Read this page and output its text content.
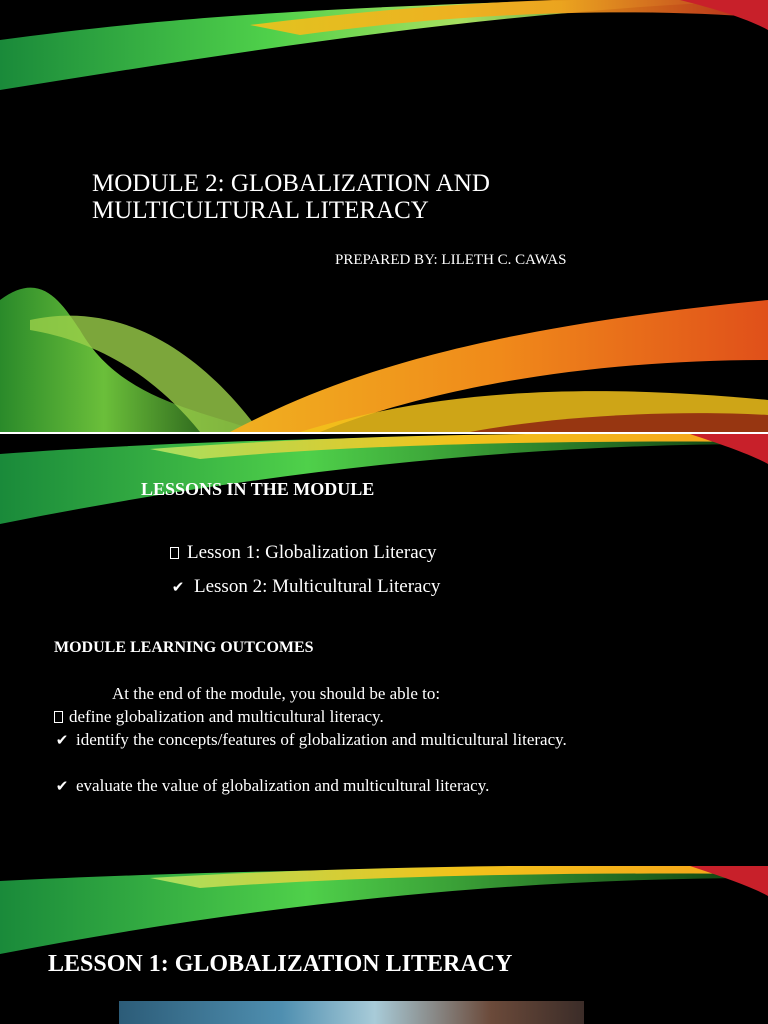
MODULE 2: GLOBALIZATION AND MULTICULTURAL LITERACY
PREPARED BY: LILETH C. CAWAS
LESSONS IN THE MODULE
Lesson 1: Globalization Literacy
✔ Lesson 2: Multicultural Literacy
MODULE LEARNING OUTCOMES
At the end of the module, you should be able to:
define globalization and multicultural literacy.
✔ identify the concepts/features of globalization and multicultural literacy.
✔ evaluate the value of globalization and multicultural literacy.
LESSON 1: GLOBALIZATION LITERACY
